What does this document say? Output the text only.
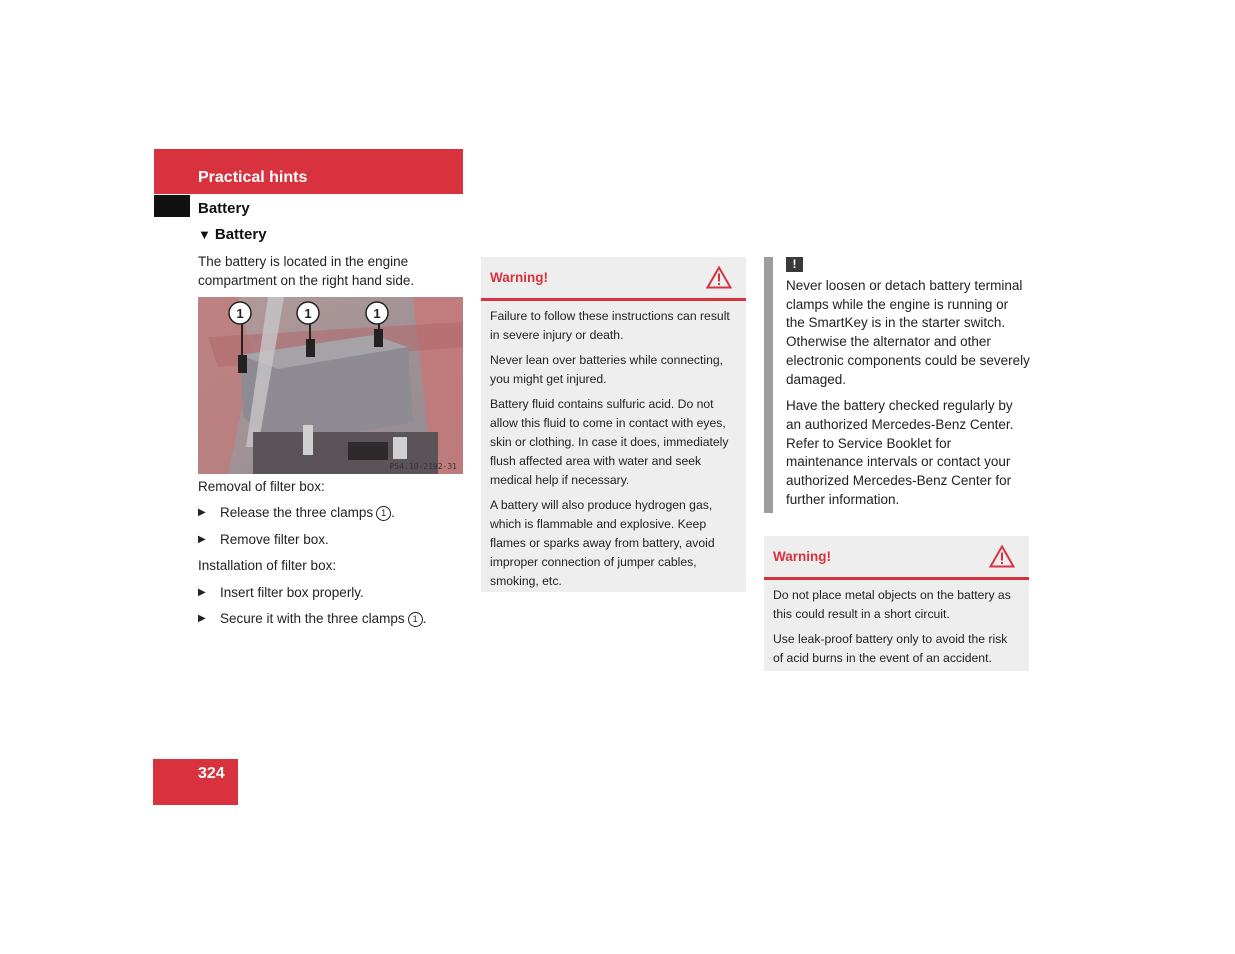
Practical hints
Battery
▼ Battery
The battery is located in the engine compartment on the right hand side.
1	1	1
P54.10-2192-31
Removal of filter box:
▶	Release the three clamps 1 .
▶	Remove filter box.
Installation of filter box:
▶	Insert filter box properly.
▶	Secure it with the three clamps 1 .
Warning!

Failure to follow these instructions can result in severe injury or death.

Never lean over batteries while connecting, you might get injured.

Battery fluid contains sulfuric acid. Do not allow this fluid to come in contact with eyes, skin or clothing. In case it does, immediately flush affected area with water and seek medical help if necessary.

A battery will also produce hydrogen gas, which is flammable and explosive. Keep flames or sparks away from battery, avoid improper connection of jumper cables, smoking, etc.

!

Never loosen or detach battery terminal clamps while the engine is running or the SmartKey is in the starter switch. Otherwise the alternator and other electronic components could be severely damaged.

Have the battery checked regularly by an authorized Mercedes-Benz Center. Refer to Service Booklet for maintenance intervals or contact your authorized Mercedes-Benz Center for further information.

Warning!

Do not place metal objects on the battery as this could result in a short circuit.

Use leak-proof battery only to avoid the risk of acid burns in the event of an accident.

324
